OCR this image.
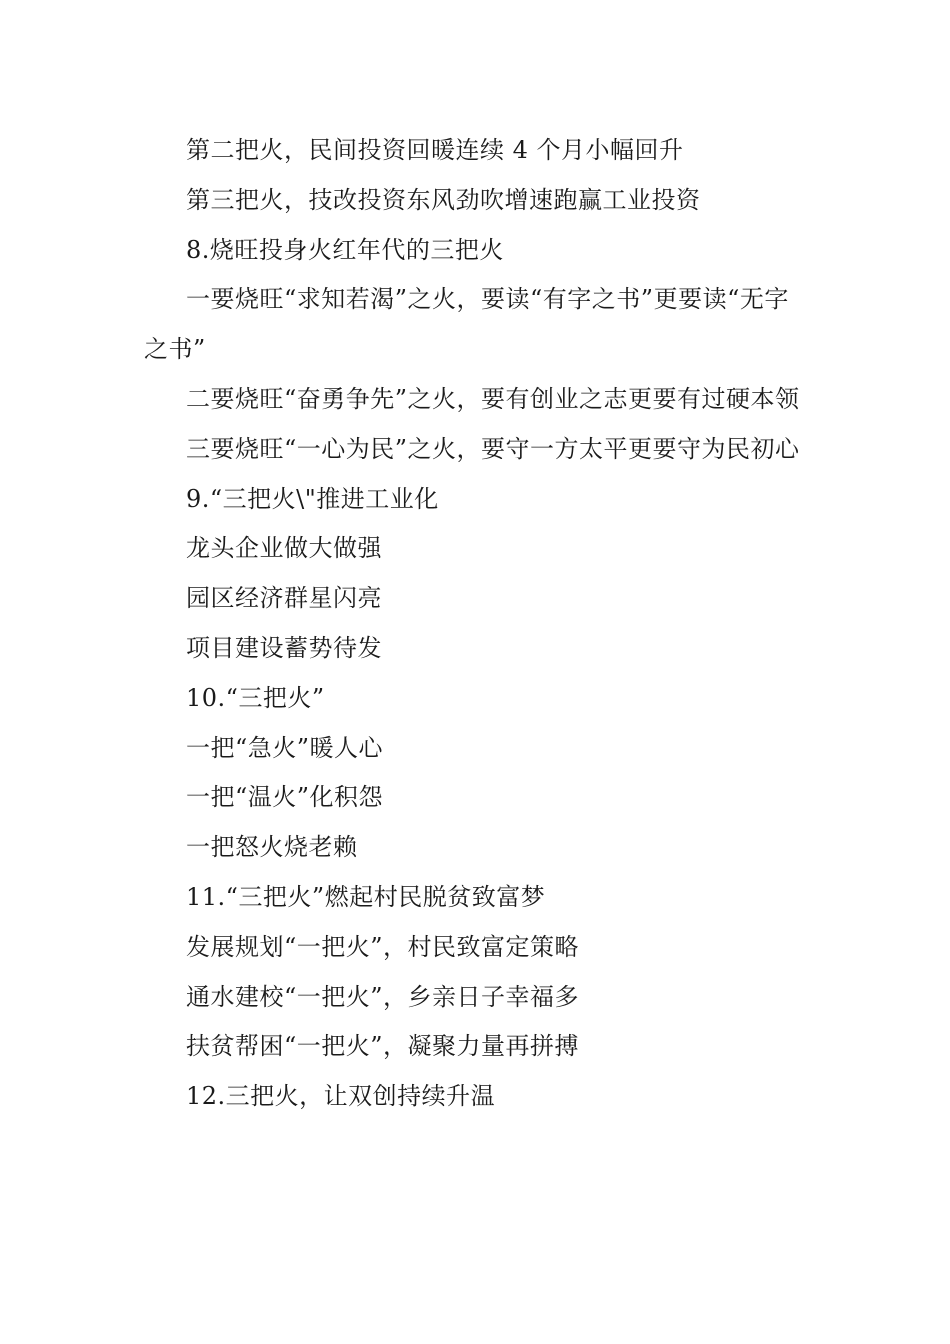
第二把火，民间投资回暖连续 4 个月小幅回升

第三把火，技改投资东风劲吹增速跑赢工业投资

8.烧旺投身火红年代的三把火

一要烧旺“求知若渴”之火，要读“有字之书”更要读“无字之书”

二要烧旺“奋勇争先”之火，要有创业之志更要有过硬本领

三要烧旺“一心为民”之火，要守一方太平更要守为民初心

9.“三把火\"推进工业化

龙头企业做大做强

园区经济群星闪亮

项目建设蓄势待发

10.“三把火”

一把“急火”暖人心

一把“温火”化积怨

一把怒火烧老赖

11.“三把火”燃起村民脱贫致富梦

发展规划“一把火”，村民致富定策略

通水建校“一把火”，乡亲日子幸福多

扶贫帮困“一把火”，凝聚力量再拼搏

12.三把火，让双创持续升温
